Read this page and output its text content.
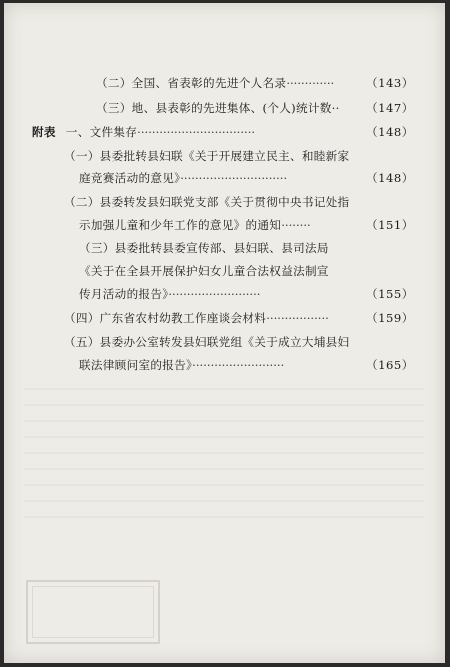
（二）全国、省表彰的先进个人名录·············	（143）
（三）地、县表彰的先进集体、(个人)统计数·· （147）
附表 一、文件集存································	（148）
（一）县委批转县妇联《关于开展建立民主、和睦新家
庭竞赛活动的意见》·····························	（148）
（二）县委转发县妇联党支部《关于贯彻中央书记处指
示加强儿童和少年工作的意见》的通知········	（151）
（三）县委批转县委宣传部、县妇联、县司法局
《关于在全县开展保护妇女儿童合法权益法制宣
传月活动的报告》·························	（155）
（四）广东省农村幼教工作座谈会材料·················	（159）
（五）县委办公室转发县妇联党组《关于成立大埔县妇
联法律顾问室的报告》·························	（165）
